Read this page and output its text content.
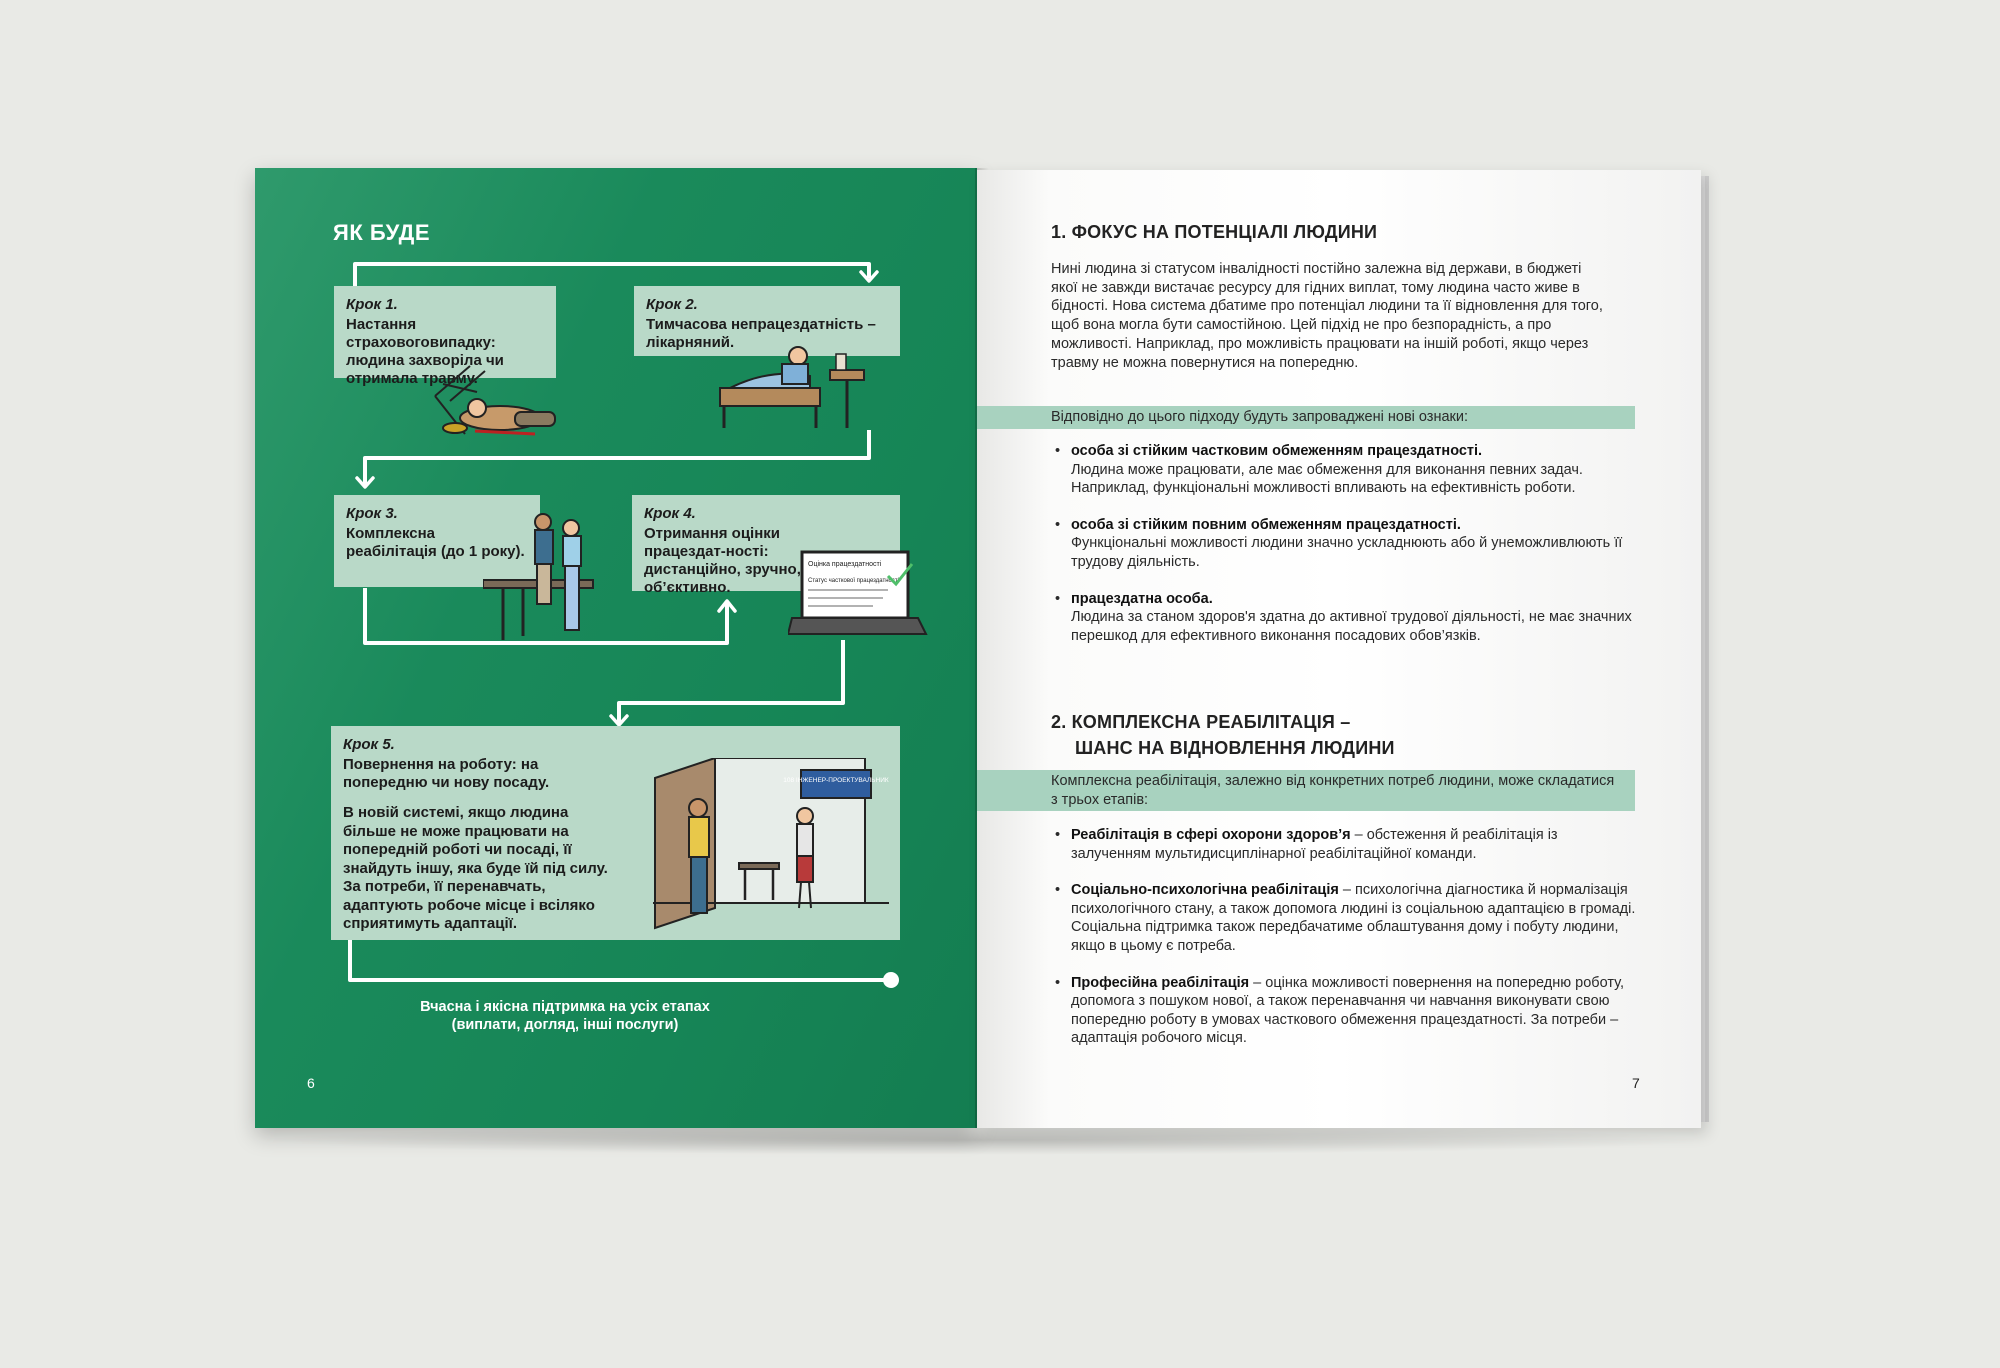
ЯК БУДЕ
Крок 1.
Настання страховоговипадку: людина захворіла чи отримала травму.
Крок 2.
Тимчасова непрацездатність – лікарняний.
Крок 3.
Комплексна реабілітація (до 1 року).
Крок 4.
Отримання оцінки працездат-ності: дистанційно, зручно, об’єктивно.
Крок 5.
Повернення на роботу: на попередню чи нову посаду.
В новій системі, якщо людина більше не може працювати на попередній роботі чи посаді, її знайдуть іншу, яка буде їй під силу. За потреби, її перенавчать, адаптують робоче місце і всіляко сприятимуть адаптації.
Оцінка працездатності
Статус часткової працездатності
108 ІНЖЕНЕР-ПРОЕКТУВАЛЬНИК
Вчасна і якісна підтримка на усіх етапах (виплати, догляд, інші послуги)
6
1. ФОКУС НА ПОТЕНЦІАЛІ ЛЮДИНИ
Нині людина зі статусом інвалідності постійно залежна від держави, в бюджеті якої не завжди вистачає ресурсу для гідних виплат, тому людина часто живе в бідності. Нова система дбатиме про потенціал людини та її відновлення для того, щоб вона могла бути самостійною. Цей підхід не про безпорадність, а про можливості. Наприклад, про можливість працювати на іншій роботі, якщо через травму не можна повернутися на попередню.
Відповідно до цього підходу будуть запроваджені нові ознаки:
• особа зі стійким частковим обмеженням працездатності.
Людина може працювати, але має обмеження для виконання певних задач. Наприклад, функціональні можливості впливають на ефективність роботи.
• особа зі стійким повним обмеженням працездатності.
Функціональні можливості людини значно ускладнюють або й унеможливлюють її трудову діяльність.
• працездатна особа.
Людина за станом здоров'я здатна до активної трудової діяльності, не має значних перешкод для ефективного виконання посадових обов’язків.
2. КОМПЛЕКСНА РЕАБІЛІТАЦІЯ –
ШАНС НА ВІДНОВЛЕННЯ ЛЮДИНИ
Комплексна реабілітація, залежно від конкретних потреб людини, може складатися з трьох етапів:
• Реабілітація в сфері охорони здоров’я – обстеження й реабілітація із залученням мультидисциплінарної реабілітаційної команди.
• Соціально-психологічна реабілітація – психологічна діагностика й нормалізація психологічного стану, а також допомога людині із соціальною адаптацією в громаді. Соціальна підтримка також передбачатиме облаштування дому і побуту людини, якщо в цьому є потреба.
• Професійна реабілітація – оцінка можливості повернення на попередню роботу, допомога з пошуком нової, а також перенавчання чи навчання виконувати свою попередню роботу в умовах часткового обмеження працездатності. За потреби – адаптація робочого місця.
7
